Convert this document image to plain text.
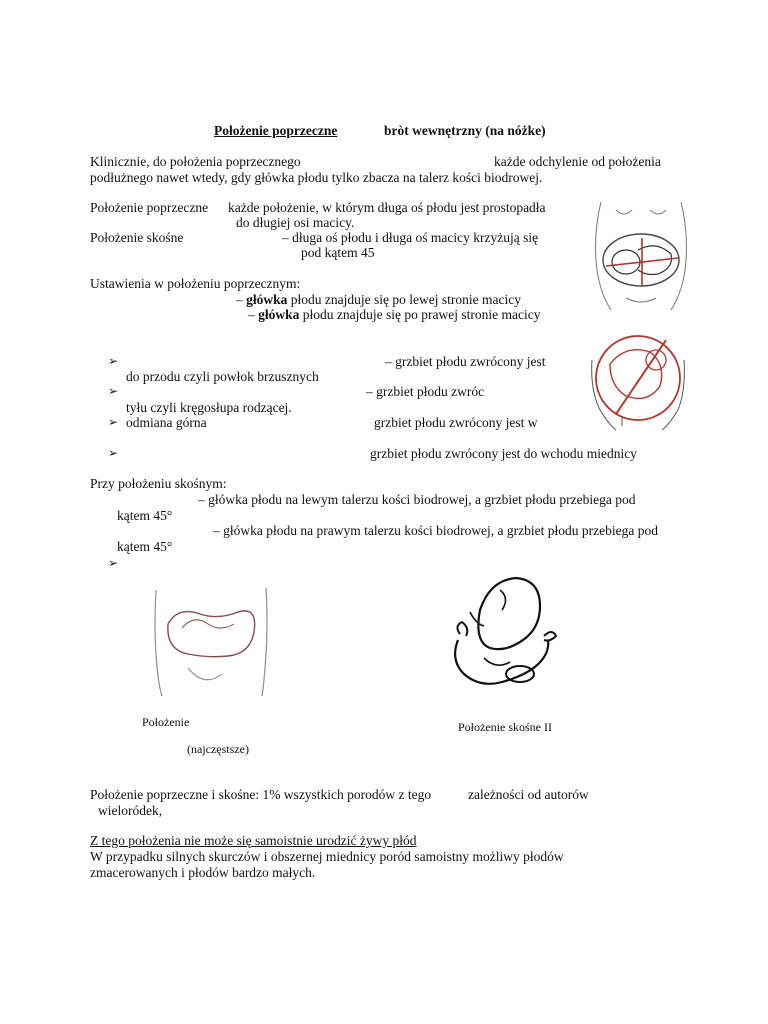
Położenie poprzeczne	bròt wewnętrzny (na nóżke)
Klinicznie, do położenia poprzecznego	każde odchylenie od położenia
podłużnego nawet wtedy, gdy główka płodu tylko zbacza na talerz kości biodrowej.
Położenie poprzeczne każde położenie, w którym długa oś płodu jest prostopadła
do długiej osi macicy.
Położenie skośne	– długa oś płodu i długa oś macicy krzyżują się
pod kątem 45
Ustawienia w położeniu poprzecznym:
– główka płodu znajduje się po lewej stronie macicy
– główka płodu znajduje się po prawej stronie macicy
➢	– grzbiet płodu zwrócony jest
do przodu czyli powłok brzusznych
➢	– grzbiet płodu zwróc
tyłu czyli kręgosłupa rodzącej.
➢ odmiana górna	grzbiet płodu zwrócony jest w
➢	grzbiet płodu zwrócony jest do wchodu miednicy
Przy położeniu skośnym:
– główka płodu na lewym talerzu kości biodrowej, a grzbiet płodu przebiega pod
kątem 45°
– główka płodu na prawym talerzu kości biodrowej, a grzbiet płodu przebiega pod
kątem 45°
➢
Położenie
(najczęstsze)
Położenie skośne II
Położenie poprzeczne i skośne: 1% wszystkich porodów z tego	zależności od autorów
wieloródek,
Z tego położenia nie może się samoistnie urodzić żywy płód
W przypadku silnych skurczów i obszernej miednicy poród samoistny możliwy płodów
zmacerowanych i płodów bardzo małych.
